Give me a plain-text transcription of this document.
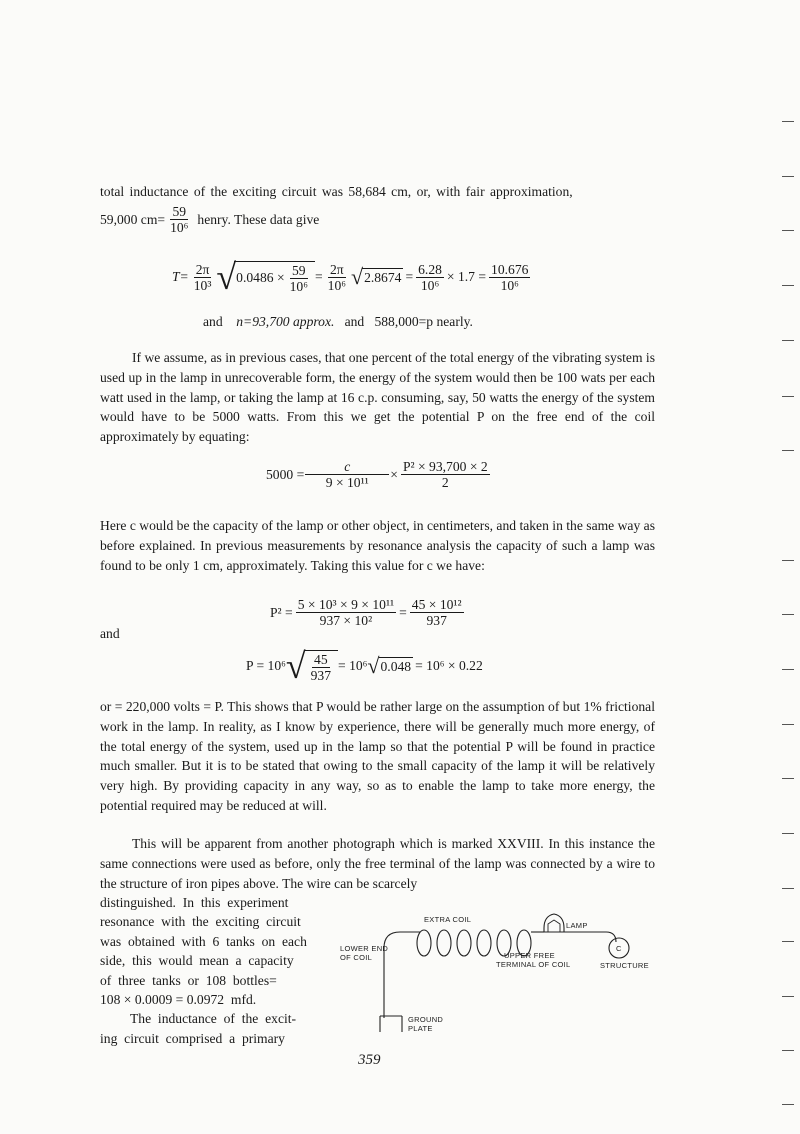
total inductance of the exciting circuit was 58,684 cm, or, with fair approximation,
59,000 $cm= \frac{59}{\text{10⁶}}$ henry. These data give
$T= \frac{2\pi}{\text{10³}}$ √ $0.0486 \times \frac{59}{\text{10⁶}} = \frac{2\pi}{\text{10⁶}}$ √ $2.8674 = \frac{6.28}{\text{10⁶}} \times 1.7 = \frac{10.676}{\text{10⁶}}$
and n=93,700 approx. and 588,000=p nearly.
If we assume, as in previous cases, that one percent of the total energy of the vibrating system is used up in the lamp in unrecoverable form, the energy of the system would then be 100 wats per each watt used in the lamp, or taking the lamp at 16 c.p. consuming, say, 50 watts the energy of the system would have to be 5000 watts. From this we get the potential P on the free end of the coil approximately by equating:
$5000 = \frac{c}{\text{9 × 10¹¹}} \times \frac{\text{P² × 93,700 × 2}}{2}$
Here c would be the capacity of the lamp or other object, in centimeters, and taken in the same way as before explained. In previous measurements by resonance analysis the capacity of such a lamp was found to be only 1 cm, approximately. Taking this value for c we have:
$P^2 = \frac{\text{5 × 10³ × 9 × 10¹¹}}{\text{937 × 10²}} = \frac{\text{45 × 10¹²}}{937}$
and
P = 10⁶ √ $\frac{45}{937} = 10^6$ √ 0.048 = 10⁶ × 0.22
or = 220,000 volts = P. This shows that P would be rather large on the assumption of but 1% frictional work in the lamp. In reality, as I know by experience, there will be generally much more energy, of the total energy of the system, used up in the lamp so that the potential P will be found in practice much smaller. But it is to be stated that owing to the small capacity of the lamp it will be relatively very high. By providing capacity in any way, so as to enable the lamp to take more energy, the potential required may be reduced at will.
This will be apparent from another photograph which is marked XXVIII. In this instance the same connections were used as before, only the free terminal of the lamp was connected by a wire to the structure of iron pipes above. The wire can be scarcely
distinguished.  In  this  experiment
resonance  with  the  exciting  circuit
was  obtained  with  6  tanks  on  each
side,  this  would  mean  a  capacity
of  three  tanks  or  108  bottles=
108 × 0.0009 = 0.0972  mfd.
The  inductance  of  the  excit-
ing  circuit  comprised  a  primary
EXTRA COIL
LAMP
C
STRUCTURE
LOWER END
OF COIL	UPPER FREE
TERMINAL OF COIL
GROUND
PLATE
359
